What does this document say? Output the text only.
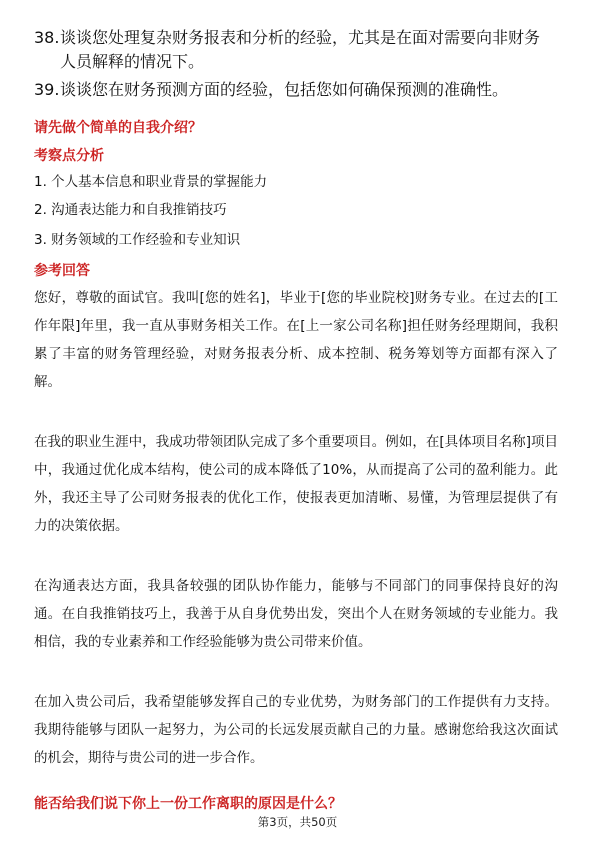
38. 谈谈您处理复杂财务报表和分析的经验，尤其是在面对需要向非财务人员解释的情况下。
39. 谈谈您在财务预测方面的经验，包括您如何确保预测的准确性。
请先做个简单的自我介绍？
考察点分析
1. 个人基本信息和职业背景的掌握能力
2. 沟通表达能力和自我推销技巧
3. 财务领域的工作经验和专业知识
参考回答
您好，尊敬的面试官。我叫[您的姓名]，毕业于[您的毕业院校]财务专业。在过去的[工作年限]年里，我一直从事财务相关工作。在[上一家公司名称]担任财务经理期间，我积累了丰富的财务管理经验，对财务报表分析、成本控制、税务筹划等方面都有深入了解。
在我的职业生涯中，我成功带领团队完成了多个重要项目。例如，在[具体项目名称]项目中，我通过优化成本结构，使公司的成本降低了10%，从而提高了公司的盈利能力。此外，我还主导了公司财务报表的优化工作，使报表更加清晰、易懂，为管理层提供了有力的决策依据。
在沟通表达方面，我具备较强的团队协作能力，能够与不同部门的同事保持良好的沟通。在自我推销技巧上，我善于从自身优势出发，突出个人在财务领域的专业能力。我相信，我的专业素养和工作经验能够为贵公司带来价值。
在加入贵公司后，我希望能够发挥自己的专业优势，为财务部门的工作提供有力支持。我期待能够与团队一起努力，为公司的长远发展贡献自己的力量。感谢您给我这次面试的机会，期待与贵公司的进一步合作。
能否给我们说下你上一份工作离职的原因是什么？
第3页，共50页
